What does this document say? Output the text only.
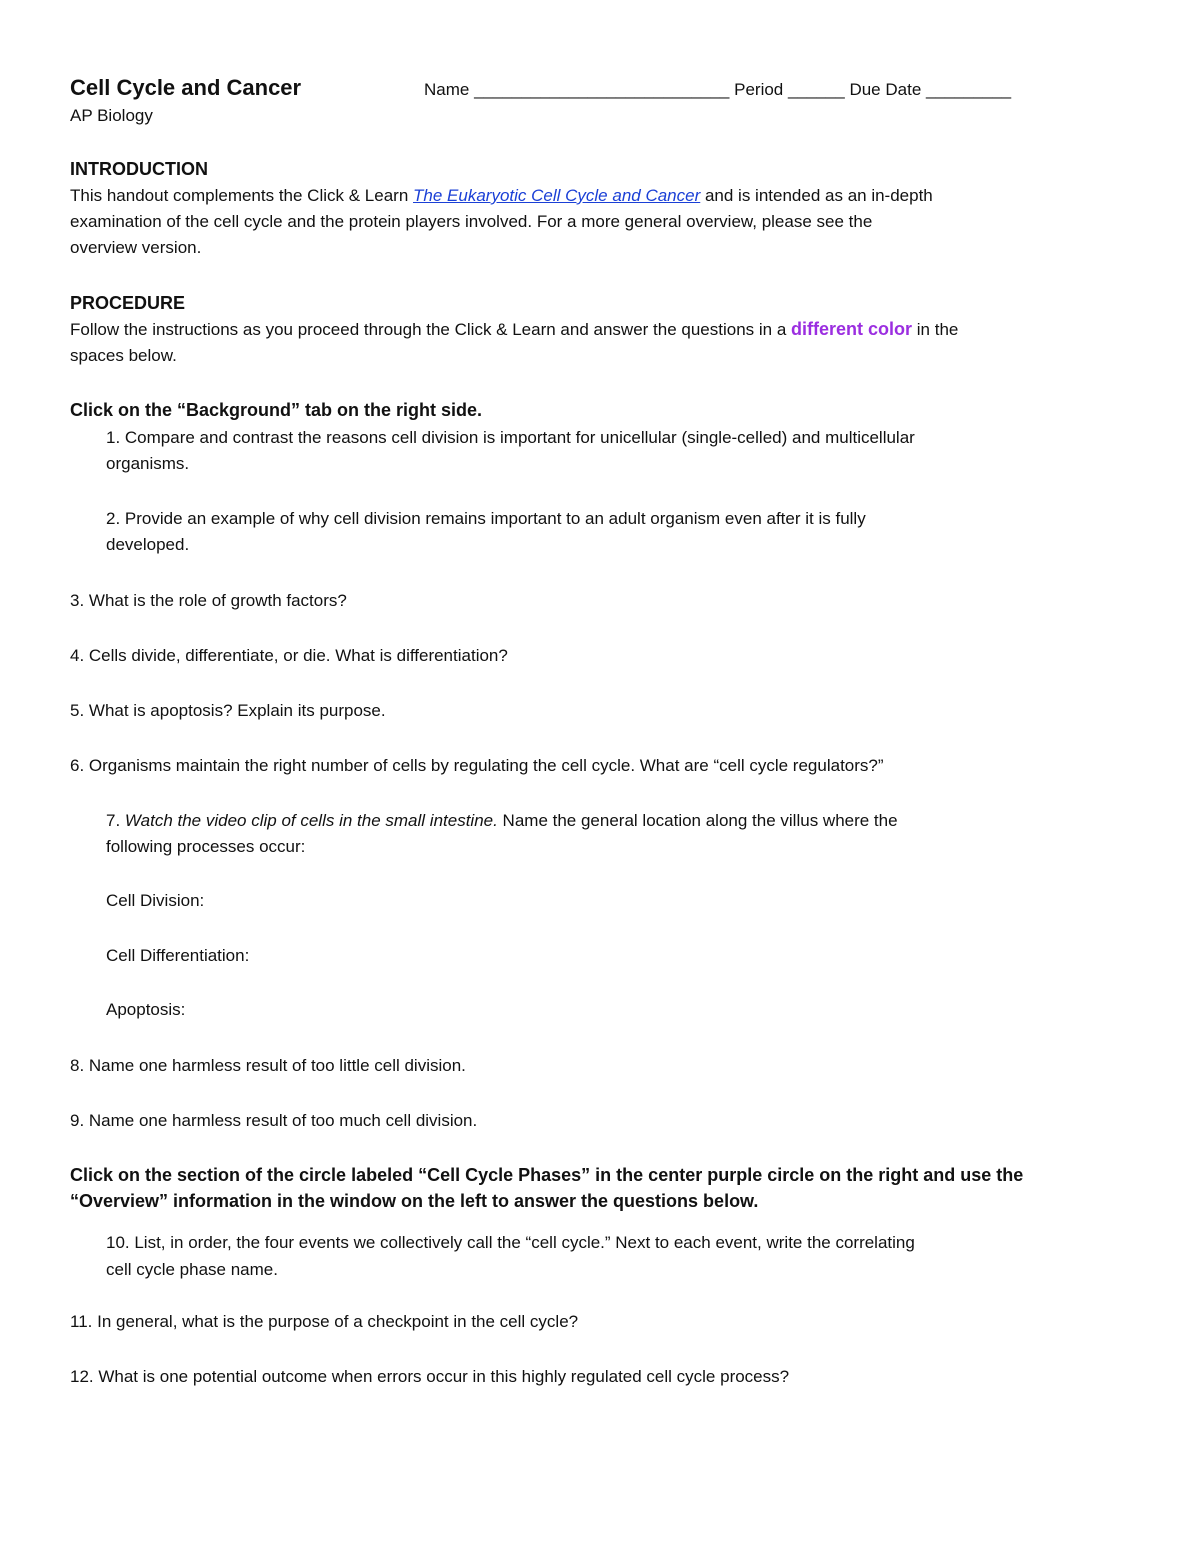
Cell Cycle and Cancer
AP Biology
Name ___________________________ Period ______ Due Date _________
INTRODUCTION
This handout complements the Click & Learn The Eukaryotic Cell Cycle and Cancer and is intended as an in-depth
examination of the cell cycle and the protein players involved. For a more general overview, please see the
overview version.
PROCEDURE
Follow the instructions as you proceed through the Click & Learn and answer the questions in a different color in the
spaces below.
Click on the “Background” tab on the right side.
1. Compare and contrast the reasons cell division is important for unicellular (single-celled) and multicellular
organisms.
2. Provide an example of why cell division remains important to an adult organism even after it is fully
developed.
3. What is the role of growth factors?
4. Cells divide, differentiate, or die. What is differentiation?
5. What is apoptosis? Explain its purpose.
6. Organisms maintain the right number of cells by regulating the cell cycle. What are “cell cycle regulators?”
7. Watch the video clip of cells in the small intestine. Name the general location along the villus where the
following processes occur:
Cell Division:
Cell Differentiation:
Apoptosis:
8. Name one harmless result of too little cell division.
9. Name one harmless result of too much cell division.
Click on the section of the circle labeled “Cell Cycle Phases” in the center purple circle on the right and use the
“Overview” information in the window on the left to answer the questions below.
10. List, in order, the four events we collectively call the “cell cycle.” Next to each event, write the correlating
cell cycle phase name.
11. In general, what is the purpose of a checkpoint in the cell cycle?
12. What is one potential outcome when errors occur in this highly regulated cell cycle process?
